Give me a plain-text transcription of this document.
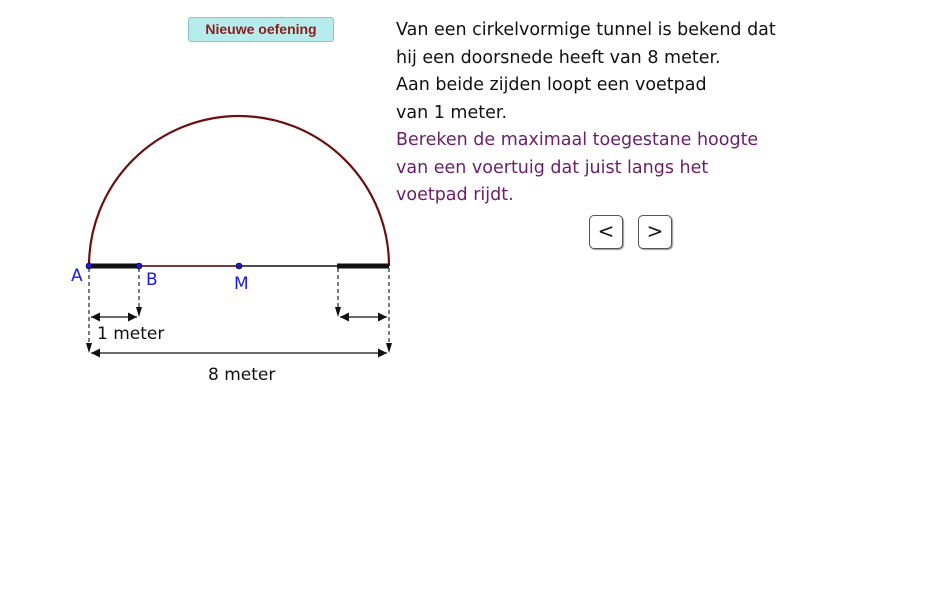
Nieuwe oefening	Van een cirkelvormige tunnel is bekend dat
hij een doorsnede heeft van 8 meter.
Aan beide zijden loopt een voetpad
van 1 meter.
Bereken de maximaal toegestane hoogte
van een voertuig dat juist langs het
voetpad rijdt.
<	>
A	B	M
1 meter
8 meter
